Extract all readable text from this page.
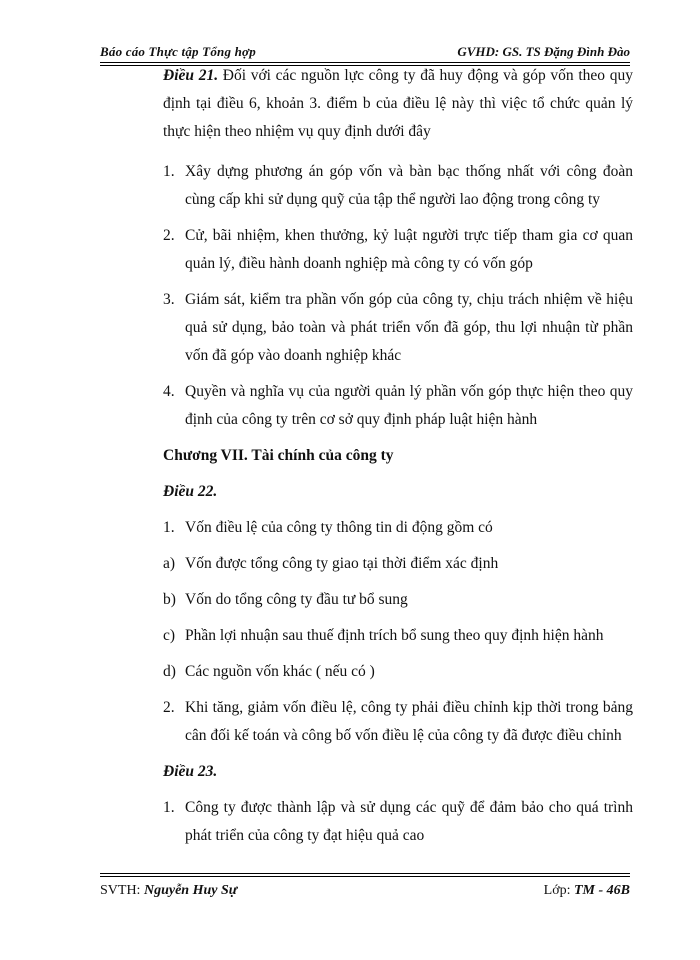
Báo cáo Thực tập Tổng hợp	GVHD: GS. TS Đặng Đình Đào

Điều 21. Đối với các nguồn lực công ty đã huy động và góp vốn theo quy định tại điều 6, khoản 3. điểm b của điều lệ này thì việc tổ chức quản lý thực hiện theo nhiệm vụ quy định dưới đây

1. Xây dựng phương án góp vốn và bàn bạc thống nhất với công đoàn cùng cấp khi sử dụng quỹ của tập thể người lao động trong công ty
2. Cử, bãi nhiệm, khen thưởng, kỷ luật người trực tiếp tham gia cơ quan quản lý, điều hành doanh nghiệp mà công ty có vốn góp
3. Giám sát, kiểm tra phần vốn góp của công ty, chịu trách nhiệm về hiệu quả sử dụng, bảo toàn và phát triển vốn đã góp, thu lợi nhuận từ phần vốn đã góp vào doanh nghiệp khác
4. Quyền và nghĩa vụ của người quản lý phần vốn góp thực hiện theo quy định của công ty trên cơ sở quy định pháp luật hiện hành

Chương VII. Tài chính của công ty

Điều 22.

1. Vốn điều lệ của công ty thông tin di động gồm có
a) Vốn được tổng công ty giao tại thời điểm xác định
b) Vốn do tổng công ty đầu tư bổ sung
c) Phần lợi nhuận sau thuế định trích bổ sung theo quy định hiện hành
d) Các nguồn vốn khác ( nếu có )
2. Khi tăng, giảm vốn điều lệ, công ty phải điều chỉnh kịp thời trong bảng cân đối kế toán và công bố vốn điều lệ của công ty đã được điều chỉnh

Điều 23.

1. Công ty được thành lập và sử dụng các quỹ để đảm bảo cho quá trình phát triển của công ty đạt hiệu quả cao
SVTH: Nguyễn Huy Sự	Lớp: TM - 46B
